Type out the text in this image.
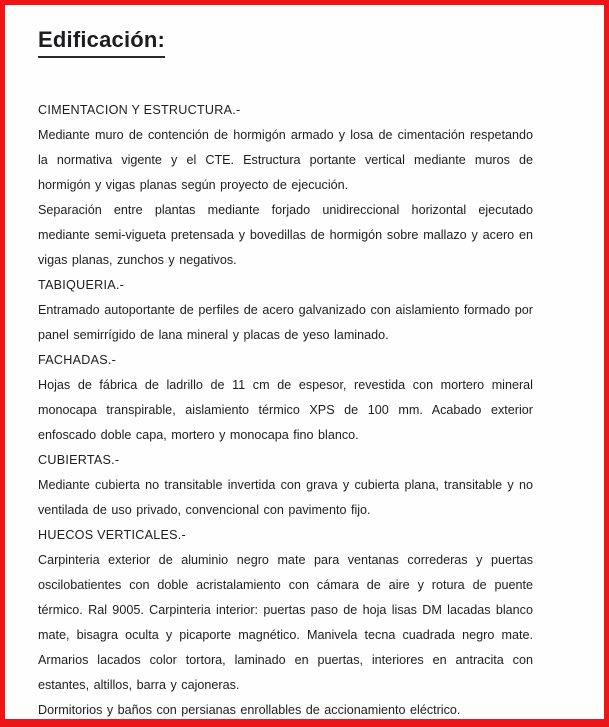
Edificación:
CIMENTACION Y ESTRUCTURA.-

Mediante muro de contención de hormigón armado y losa de cimentación respetando la normativa vigente y el CTE. Estructura portante vertical mediante muros de hormigón y vigas planas según proyecto de ejecución.

Separación entre plantas mediante forjado unidireccional horizontal ejecutado mediante semi-vigueta pretensada y bovedillas de hormigón sobre mallazo y acero en vigas planas, zunchos y negativos.

TABIQUERIA.-

Entramado autoportante de perfiles de acero galvanizado con aislamiento formado por panel semirrígido de lana mineral y placas de yeso laminado.

FACHADAS.-

Hojas de fábrica de ladrillo de 11 cm de espesor, revestida con mortero mineral monocapa transpirable, aislamiento térmico XPS de 100 mm. Acabado exterior enfoscado doble capa, mortero y monocapa fino blanco.

CUBIERTAS.-

Mediante cubierta no transitable invertida con grava y cubierta plana, transitable y no ventilada de uso privado, convencional con pavimento fijo.

HUECOS VERTICALES.-

Carpinteria exterior de aluminio negro mate para ventanas correderas y puertas oscilobatientes con doble acristalamiento con cámara de aire y rotura de puente térmico. Ral 9005. Carpinteria interior: puertas paso de hoja lisas DM lacadas blanco mate, bisagra oculta y picaporte magnético. Manivela tecna cuadrada negro mate. Armarios lacados color tortora, laminado en puertas, interiores en antracita con estantes, altillos, barra y cajoneras.

Dormitorios y baños con persianas enrollables de accionamiento eléctrico.
